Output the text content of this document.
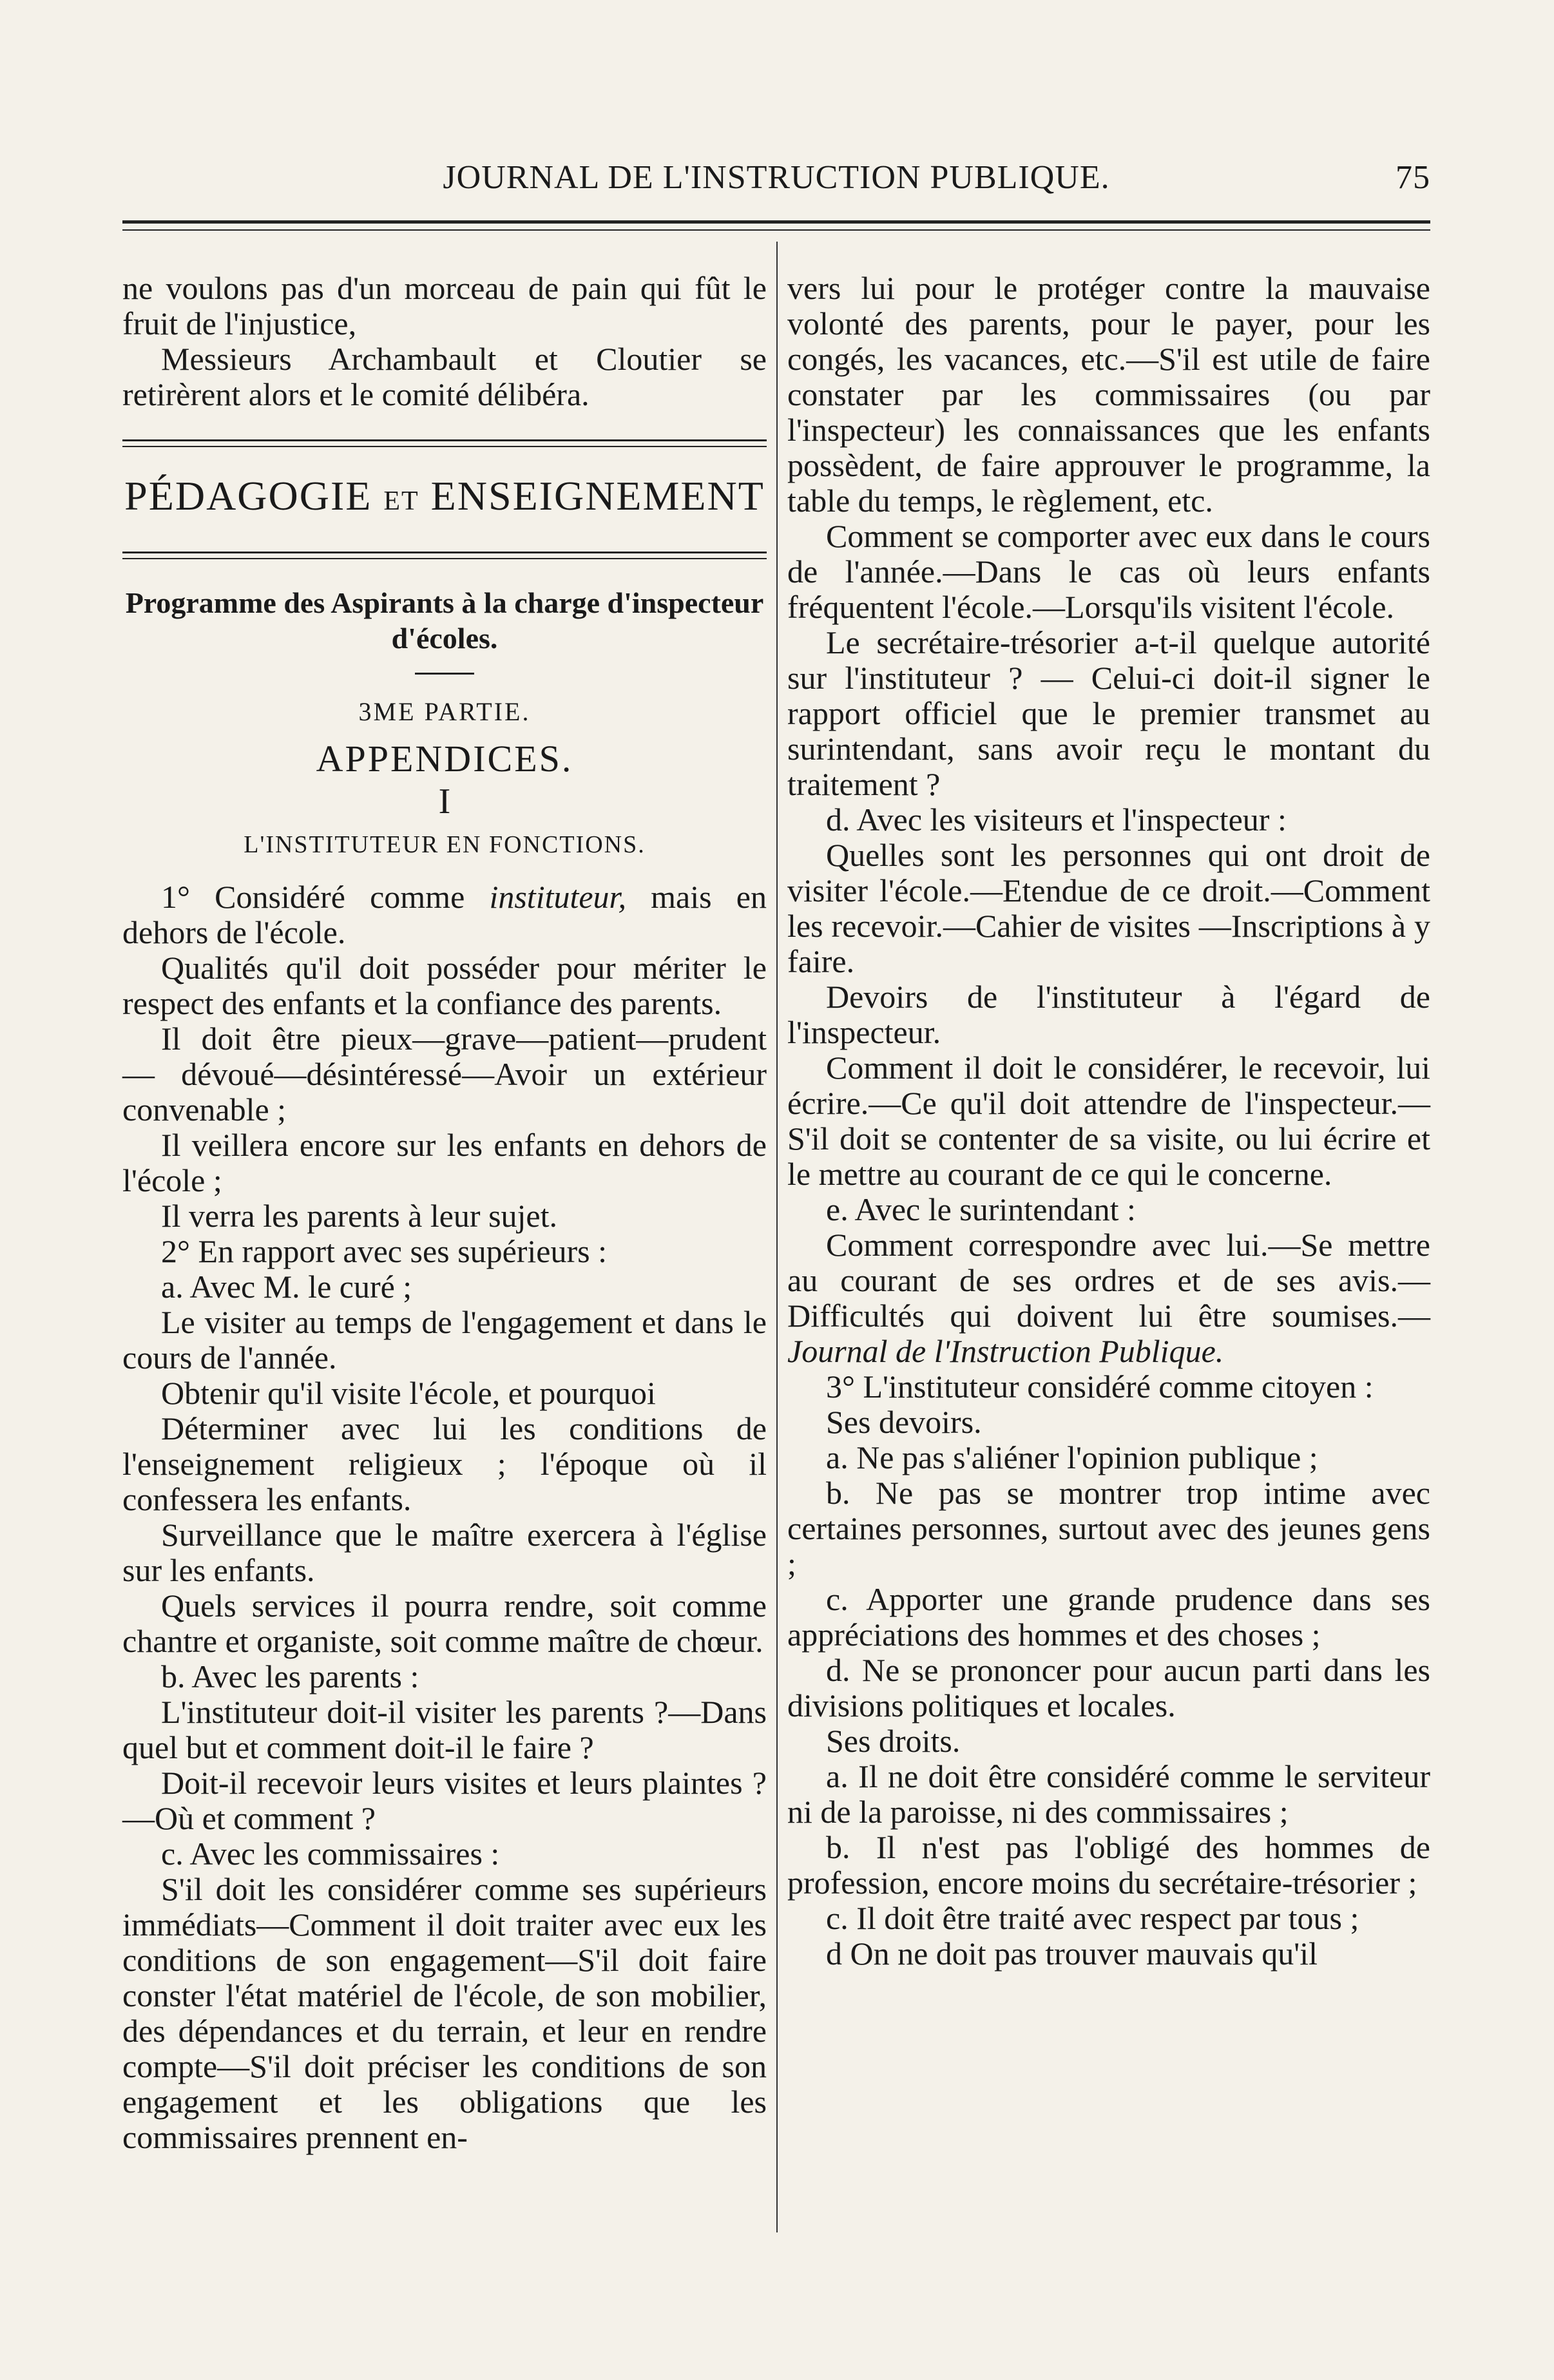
JOURNAL DE L'INSTRUCTION PUBLIQUE.	75

ne voulons pas d'un morceau de pain qui fût le fruit de l'injustice,

Messieurs Archambault et Cloutier se retirèrent alors et le comité délibéra.

PÉDAGOGIE ET ENSEIGNEMENT

Programme des Aspirants à la charge d'inspecteur d'écoles.

3ME PARTIE.

APPENDICES.

I

L'INSTITUTEUR EN FONCTIONS.

1° Considéré comme instituteur, mais en dehors de l'école.

Qualités qu'il doit posséder pour mériter le respect des enfants et la confiance des parents.

Il doit être pieux—grave—patient—prudent — dévoué—désintéressé—Avoir un extérieur convenable ;

Il veillera encore sur les enfants en dehors de l'école ;

Il verra les parents à leur sujet.

2° En rapport avec ses supérieurs :

a. Avec M. le curé ;

Le visiter au temps de l'engagement et dans le cours de l'année.

Obtenir qu'il visite l'école, et pourquoi

Déterminer avec lui les conditions de l'enseignement religieux ; l'époque où il confessera les enfants.

Surveillance que le maître exercera à l'église sur les enfants.

Quels services il pourra rendre, soit comme chantre et organiste, soit comme maître de chœur.

b. Avec les parents :

L'instituteur doit-il visiter les parents ?—Dans quel but et comment doit-il le faire ?

Doit-il recevoir leurs visites et leurs plaintes ?—Où et comment ?

c. Avec les commissaires :

S'il doit les considérer comme ses supérieurs immédiats—Comment il doit traiter avec eux les conditions de son engagement—S'il doit faire conster l'état matériel de l'école, de son mobilier, des dépendances et du terrain, et leur en rendre compte—S'il doit préciser les conditions de son engagement et les obligations que les commissaires prennent en-

vers lui pour le protéger contre la mauvaise volonté des parents, pour le payer, pour les congés, les vacances, etc.—S'il est utile de faire constater par les commissaires (ou par l'inspecteur) les connaissances que les enfants possèdent, de faire approuver le programme, la table du temps, le règlement, etc.

Comment se comporter avec eux dans le cours de l'année.—Dans le cas où leurs enfants fréquentent l'école.—Lorsqu'ils visitent l'école.

Le secrétaire-trésorier a-t-il quelque autorité sur l'instituteur ? — Celui-ci doit-il signer le rapport officiel que le premier transmet au surintendant, sans avoir reçu le montant du traitement ?

d. Avec les visiteurs et l'inspecteur :

Quelles sont les personnes qui ont droit de visiter l'école.—Etendue de ce droit.—Comment les recevoir.—Cahier de visites —Inscriptions à y faire.

Devoirs de l'instituteur à l'égard de l'inspecteur.

Comment il doit le considérer, le recevoir, lui écrire.—Ce qu'il doit attendre de l'inspecteur.—S'il doit se contenter de sa visite, ou lui écrire et le mettre au courant de ce qui le concerne.

e. Avec le surintendant :

Comment correspondre avec lui.—Se mettre au courant de ses ordres et de ses avis.—Difficultés qui doivent lui être soumises.—Journal de l'Instruction Publique.

3° L'instituteur considéré comme citoyen :

Ses devoirs.

a. Ne pas s'aliéner l'opinion publique ;

b. Ne pas se montrer trop intime avec certaines personnes, surtout avec des jeunes gens ;

c. Apporter une grande prudence dans ses appréciations des hommes et des choses ;

d. Ne se prononcer pour aucun parti dans les divisions politiques et locales.

Ses droits.

a. Il ne doit être considéré comme le serviteur ni de la paroisse, ni des commissaires ;

b. Il n'est pas l'obligé des hommes de profession, encore moins du secrétaire-trésorier ;

c. Il doit être traité avec respect par tous ;

d On ne doit pas trouver mauvais qu'il
